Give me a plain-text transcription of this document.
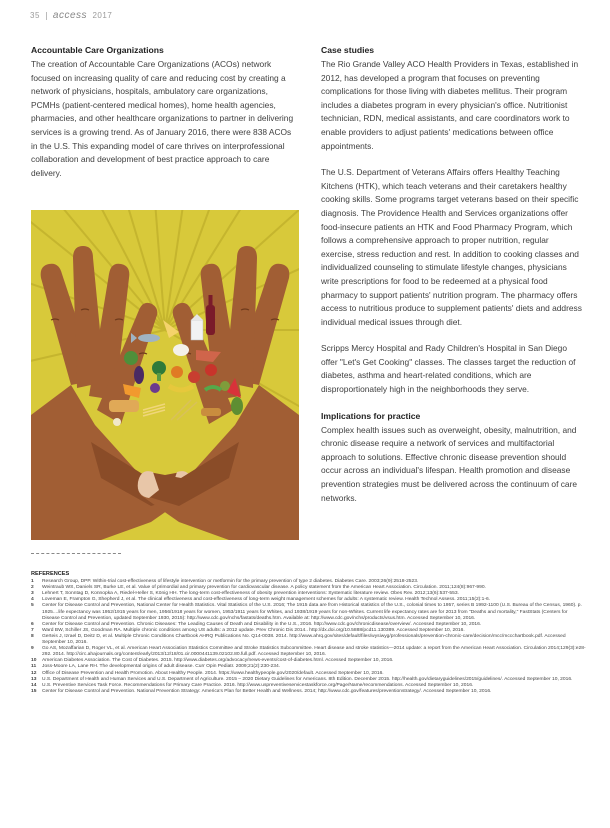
35 access 2017
Accountable Care Organizations

The creation of Accountable Care Organizations (ACOs) network focused on increasing quality of care and reducing cost by creating a network of physicians, hospitals, ambulatory care organizations, PCMHs (patient-centered medical homes), home health agencies, pharmacies, and other healthcare organizations to partner in delivering services is a growing trend. As of January 2016, there were 838 ACOs in the U.S. This expanding model of care thrives on interprofessional collaboration and development of best practice approach to care delivery.

Case studies

The Rio Grande Valley ACO Health Providers in Texas, established in 2012, has developed a program that focuses on preventing complications for those living with diabetes mellitus. Their program includes a diabetes program in every physician's office. Nutritionist technician, RDN, medical assistants, and care coordinators work to enable providers to adjust patients' medications between office appointments.

The U.S. Department of Veterans Affairs offers Healthy Teaching Kitchens (HTK), which teach veterans and their caretakers healthy cooking skills. Some programs target veterans based on their specific diagnosis. The Providence Health and Services organizations offer food-insecure patients an HTK and Food Pharmacy Program, which follows a comprehensive approach to proper nutrition, regular exercise, stress reduction and rest. In addition to cooking classes and individualized counseling to stimulate lifestyle changes, physicians write prescriptions for food to be redeemed at a physical food pharmacy to support patients' nutrition program. The pharmacy offers access to nutritious produce to supplement patients' diets and address individual medical issues through diet.

Scripps Mercy Hospital and Rady Children's Hospital in San Diego offer "Let's Get Cooking" classes. The classes target the reduction of diabetes, asthma and heart-related conditions, which are disproportionately high in the neighborhoods they serve.

Implications for practice

Complex health issues such as overweight, obesity, malnutrition, and chronic disease require a network of services and multifactorial approach to solutions. Effective chronic disease prevention should occur across an individual's lifespan. Health promotion and disease prevention strategies must be delivered across the continuum of care networks.

REFERENCES
1	Research Group, DPP. Within-trial cost-effectiveness of lifestyle intervention or metformin for the primary prevention of type 2 diabetes. Diabetes Care. 2003;26(9):2518-2523.
2	Weintraub WS, Daniels SR, Burke LE, et al. Value of primordial and primary prevention for cardiovascular disease. A policy statement from the American Heart Association. Circulation. 2011;124(8):967-990.
3	Lehnert T, Sonntag D, Konnopka A, Riedel-Heller S, König HH. The long-term cost-effectiveness of obesity prevention interventions: Systematic literature review. Obes Rev. 2012;13(6):537-553.
4	Loveman E, Frampton G, Shepherd J, et al. The clinical effectiveness and cost-effectiveness of long-term weight management schemes for adults: A systematic review. Health Technol Assess. 2011;15(2):1-6.
5	Center for Disease Control and Prevention, National Center for Health Statistics. Vital Statistics of the U.S. 2016; The 1915 data are from Historical statistics of the U.S., colonial times to 1957, series B 1992-1100 (U.S. Bureau of the Census, 1960). p. 1925....life expectancy was 1952/1915 years for men, 1956/1918 years for women, 1953/1911 years for Whites, and 1938/1919 years for non-Whites. Current life expectancy rates are for 2013 from "Deaths and mortality," FastStats (Centers for Disease Control and Prevention, updated September 1930, 2015): http://www.cdc.gov/nchs/fastats/deaths.htm. Available at: http://www.cdc.gov/nchs/products/vsus.htm. Accessed September 10, 2016.
6	Center for Disease Control and Prevention. Chronic Diseases: The Leading Causes of Death and Disability in the U.S., 2016. http://www.cdc.gov/chronicdisease/overview/. Accessed September 10, 2016.
7	Ward BW, Schiller JS, Goodman RA. Multiple chronic conditions among US adults: a 2012 update. Prev Chronic Dis 2014.. http://dx.doi.org/10.5888/pcd11.130389. Accessed September 10, 2016.
8	Gerteis J, Izrael D, Deitz D, et al. Multiple Chronic Conditions Chartbook AHRQ Publications No. Q14-0038. 2014. http://www.ahrq.gov/sites/default/files/wysiwyg/professionals/prevention-chronic-care/decision/mcc/mccchartbook.pdf. Accessed September 10, 2016.
9	Go AS, Mozaffarian D, Roger VL, et al. American Heart Association Statistics Committee and Stroke Statistics Subcommittee. Heart disease and stroke statistics—2014 update: a report from the American Heart Association. Circulation 2014;129(3):e28-292. 2014. http://circ.ahajournals.org/content/early/2013/12/18/01.cir.0000441139.02102.80.full.pdf. Accessed September 10, 2016.
10	American Diabetes Association. The Cost of Diabetes. 2015. http://www.diabetes.org/advocacy/news-events/cost-of-diabetes.html. Accessed September 10, 2016.
11	Joss-Moore LA, Lane RH. The developmental origins of adult disease. Curr Opin Pediatr. 2009;21(2):230-234.
12	Office of Disease Prevention and Health Promotion. About Healthy People. 2014. https://www.healthypeople.gov/2020/default. Accessed September 10, 2016.
13	U.S. Department of Health and Human Services and U.S. Department of Agriculture. 2015 – 2020 Dietary Guidelines for Americans. 8th Edition. December 2015. http://health.gov/dietaryguidelines/2015/guidelines/. Accessed September 10, 2016.
14	U.S. Preventive Services Task Force. Recommendations for Primary Care Practice. 2016. http://www.uspreventiveservicestaskforce.org/Page/Name/recommendations. Accessed September 10, 2016.
15	Center for Disease Control and Prevention. National Prevention Strategy: America's Plan for Better Health and Wellness. 2014; http://www.cdc.gov/features/preventionstrategy/. Accessed September 10, 2016.
